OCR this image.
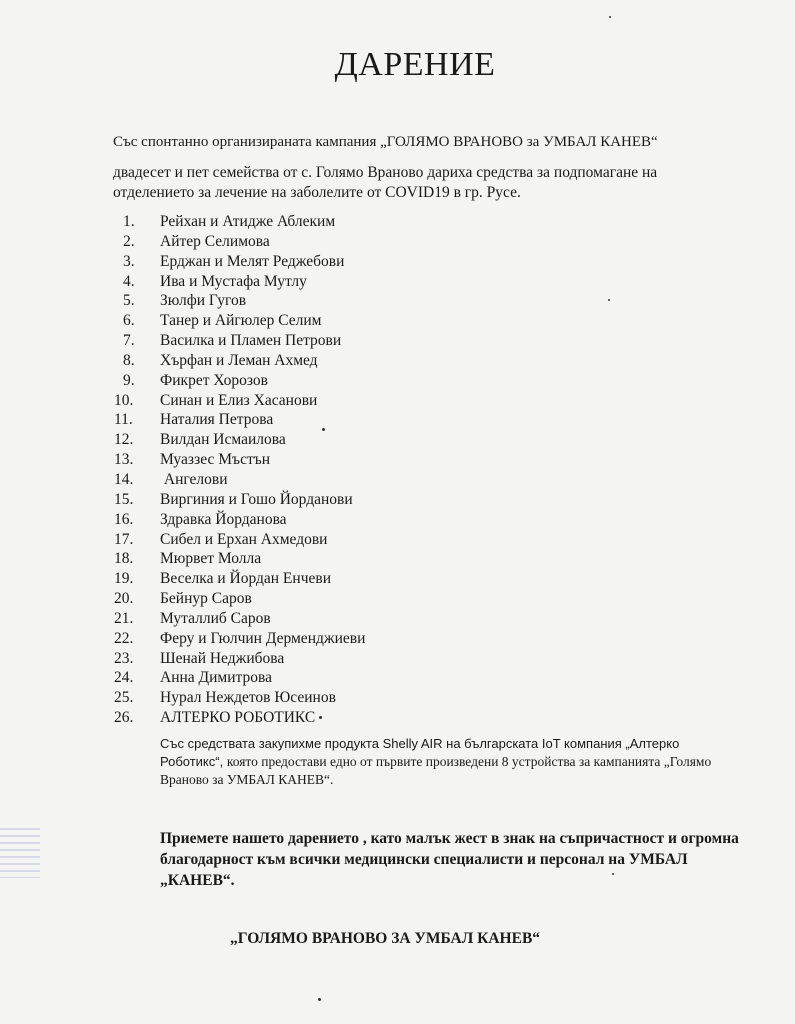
ДАРЕНИЕ

Със спонтанно организираната кампания „ГОЛЯМО ВРАНОВО за УМБАЛ КАНЕВ“

двадесет и пет семейства от с. Голямо Враново дариха средства за подпомагане на отделението за лечение на заболелите от COVID19 в гр. Русе.

1. Рейхан и Атидже Аблеким
2. Айтер Селимова
3. Ерджан и Мелят Реджебови
4. Ива и Мустафа Мутлу
5. Зюлфи Гугов
6. Танер и Айгюлер Селим
7. Василка и Пламен Петрови
8. Хърфан и Леман Ахмед
9. Фикрет Хорозов
10. Синан и Елиз Хасанови
11. Наталия Петрова
12. Вилдан Исмаилова
13. Муаззес Мъстън
14. Ангелови
15. Виргиния и Гошо Йорданови
16. Здравка Йорданова
17. Сибел и Ерхан Ахмедови
18. Мюрвет Молла
19. Веселка и Йордан Енчеви
20. Бейнур Саров
21. Муталлиб Саров
22. Феру и Гюлчин Дерменджиеви
23. Шенай Неджибова
24. Анна Димитрова
25. Нурал Неждетов Юсеинов
26. АЛТЕРКО РОБОТИКС

Със средствата закупихме продукта Shelly AIR на българската IoT компания „Алтерко Роботикс“, която предостави едно от първите произведени 8 устройства за кампанията „Голямо Враново за УМБАЛ КАНЕВ“.

Приемете нашето дарението , като малък жест в знак на съпричастност и огромна благодарност към всички медицински специалисти и персонал на УМБАЛ „КАНЕВ“.

„ГОЛЯМО ВРАНОВО ЗА УМБАЛ КАНЕВ“
